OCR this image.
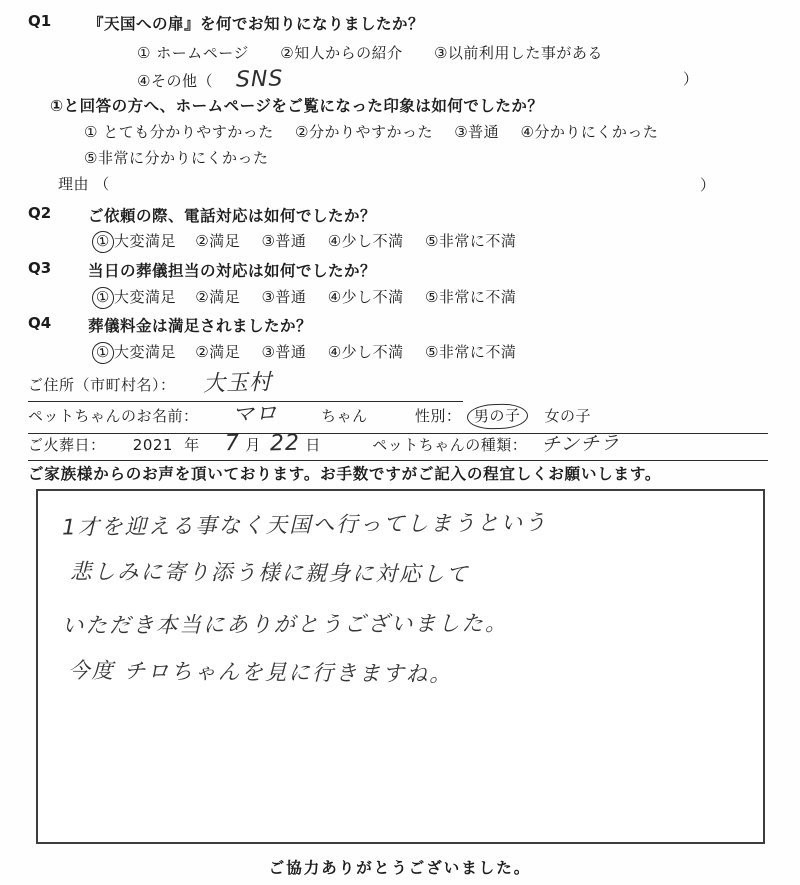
Q1 『天国への扉』を何でお知りになりましたか？
① ホームページ ②知人からの紹介 ③以前利用した事がある
④その他（ SNS	）
①と回答の方へ、ホームページをご覧になった印象は如何でしたか？
① とても分かりやすかった ②分かりやすかった ③普通 ④分かりにくかった
⑤非常に分かりにくかった
理由 （	）
Q2 ご依頼の際、電話対応は如何でしたか？
① 大変満足 ②満足 ③普通 ④少し不満 ⑤非常に不満
Q3 当日の葬儀担当の対応は如何でしたか？
① 大変満足 ②満足 ③普通 ④少し不満 ⑤非常に不満
Q4 葬儀料金は満足されましたか？
① 大変満足 ②満足 ③普通 ④少し不満 ⑤非常に不満
ご住所（市町村名）： 大玉村
ペットちゃんのお名前： マロ	ちゃん	性別： 男の子 女の子
ご火葬日： 2021 年 7 月 22 日	ペットちゃんの種類： チンチラ
ご家族様からのお声を頂いております。お手数ですがご記入の程宜しくお願いします。
1才を迎える事なく天国へ行ってしまうという
悲しみに寄り添う様に親身に対応して
いただき本当にありがとうございました。
今度 チロちゃんを見に行きますね。
ご協力ありがとうございました。
